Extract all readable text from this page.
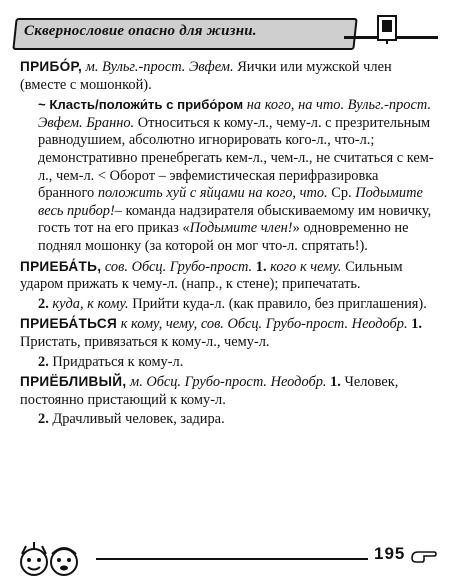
Сквернословие опасно для жизни.

ПРИБО́Р, м. Вульг.-прост. Эвфем. Яички или мужской член (вместе с мошонкой).

~ Класть/положи́ть с прибо́ром на кого, на что. Вульг.-прост. Эвфем. Бранно. Относиться к кому-л., чему-л. с презрительным равнодушием, абсолютно игнорировать кого-л., что-л.; демонстративно пренебрегать кем-л., чем-л., не считаться с кем-л., чем-л. < Оборот – эвфемистическая перифразировка бранного положить хуй с яйцами на кого, что. Ср. Подымите весь прибор!– команда надзирателя обыскиваемому им новичку, гость тот на его приказ «Подымите член!» одновременно не поднял мошонку (за которой он мог что-л. спрятать!).

ПРИЕБА́ТЬ, сов. Обсц. Грубо-прост. 1. кого к чему. Сильным ударом прижать к чему-л. (напр., к стене); припечатать.

2. куда, к кому. Прийти куда-л. (как правило, без приглашения).

ПРИЕБА́ТЬСЯ к кому, чему, сов. Обсц. Грубо-прост. Неодобр. 1. Пристать, привязаться к кому-л., чему-л.

2. Придраться к кому-л.

ПРИЁБЛИВЫЙ, м. Обсц. Грубо-прост. Неодобр. 1. Человек, постоянно пристающий к кому-л.

2. Драчливый человек, задира.

195
